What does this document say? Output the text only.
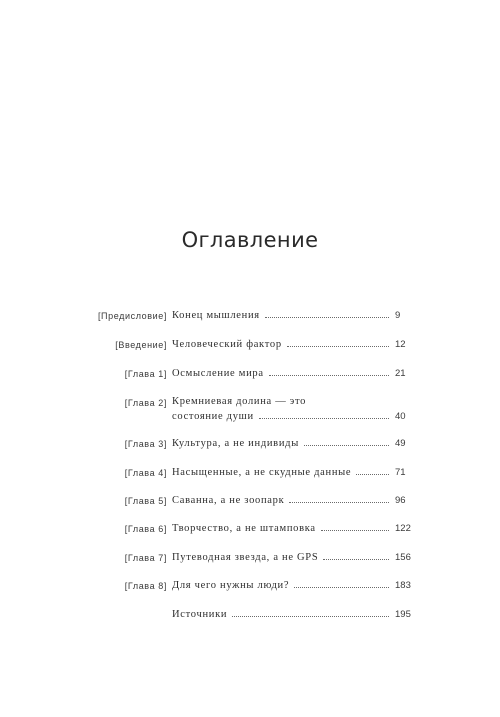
Оглавление
[Предисловие] Конец мышления	9
[Введение] Человеческий фактор	12
[Глава 1] Осмысление мира	21
[Глава 2] Кремниевая долина — это
состояние души	40
[Глава 3] Культура, а не индивиды	49
[Глава 4] Насыщенные, а не скудные данные	71
[Глава 5] Саванна, а не зоопарк	96
[Глава 6] Творчество, а не штамповка	122
[Глава 7] Путеводная звезда, а не GPS	156
[Глава 8] Для чего нужны люди?	183
Источники	195
